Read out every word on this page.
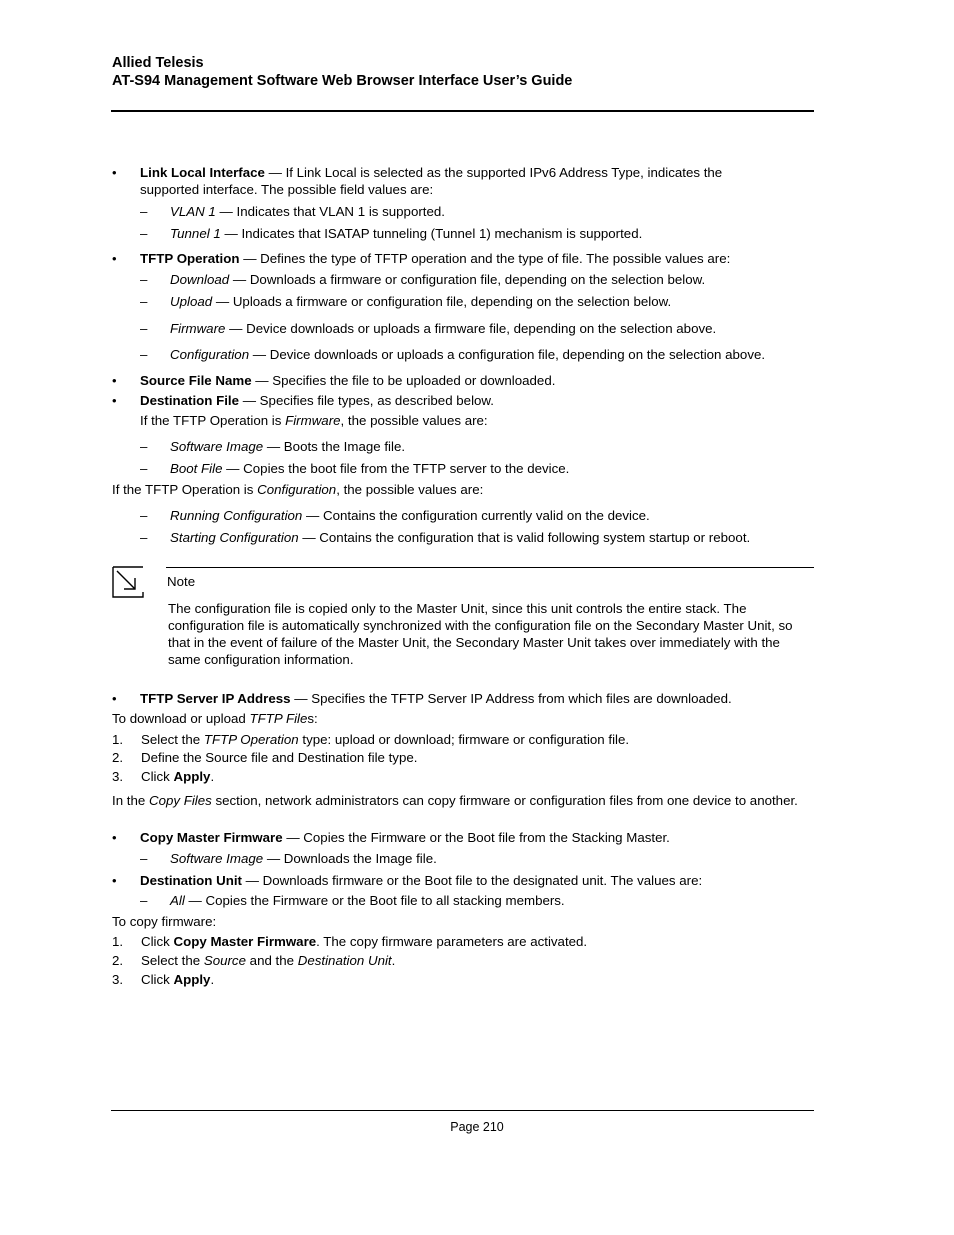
Allied Telesis
AT-S94 Management Software Web Browser Interface User’s Guide
• Link Local Interface — If Link Local is selected as the supported IPv6 Address Type, indicates the
supported interface. The possible field values are:
– VLAN 1 — Indicates that VLAN 1 is supported.
– Tunnel 1 — Indicates that ISATAP tunneling (Tunnel 1) mechanism is supported.
• TFTP Operation — Defines the type of TFTP operation and the type of file. The possible values are:
– Download — Downloads a firmware or configuration file, depending on the selection below.
– Upload — Uploads a firmware or configuration file, depending on the selection below.
– Firmware — Device downloads or uploads a firmware file, depending on the selection above.
– Configuration — Device downloads or uploads a configuration file, depending on the selection above.
• Source File Name — Specifies the file to be uploaded or downloaded.
• Destination File — Specifies file types, as described below.
If the TFTP Operation is Firmware, the possible values are:
– Software Image — Boots the Image file.
– Boot File — Copies the boot file from the TFTP server to the device.
If the TFTP Operation is Configuration, the possible values are:
– Running Configuration — Contains the configuration currently valid on the device.
– Starting Configuration — Contains the configuration that is valid following system startup or reboot.
Note
The configuration file is copied only to the Master Unit, since this unit controls the entire stack. The configuration file is automatically synchronized with the configuration file on the Secondary Master Unit, so that in the event of failure of the Master Unit, the Secondary Master Unit takes over immediately with the same configuration information.
• TFTP Server IP Address — Specifies the TFTP Server IP Address from which files are downloaded.
To download or upload TFTP Files:
1. Select the TFTP Operation type: upload or download; firmware or configuration file.
2. Define the Source file and Destination file type.
3. Click Apply.
In the Copy Files section, network administrators can copy firmware or configuration files from one device to another.
• Copy Master Firmware — Copies the Firmware or the Boot file from the Stacking Master.
– Software Image — Downloads the Image file.
• Destination Unit — Downloads firmware or the Boot file to the designated unit. The values are:
– All — Copies the Firmware or the Boot file to all stacking members.
To copy firmware:
1. Click Copy Master Firmware. The copy firmware parameters are activated.
2. Select the Source and the Destination Unit.
3. Click Apply.
Page 210
